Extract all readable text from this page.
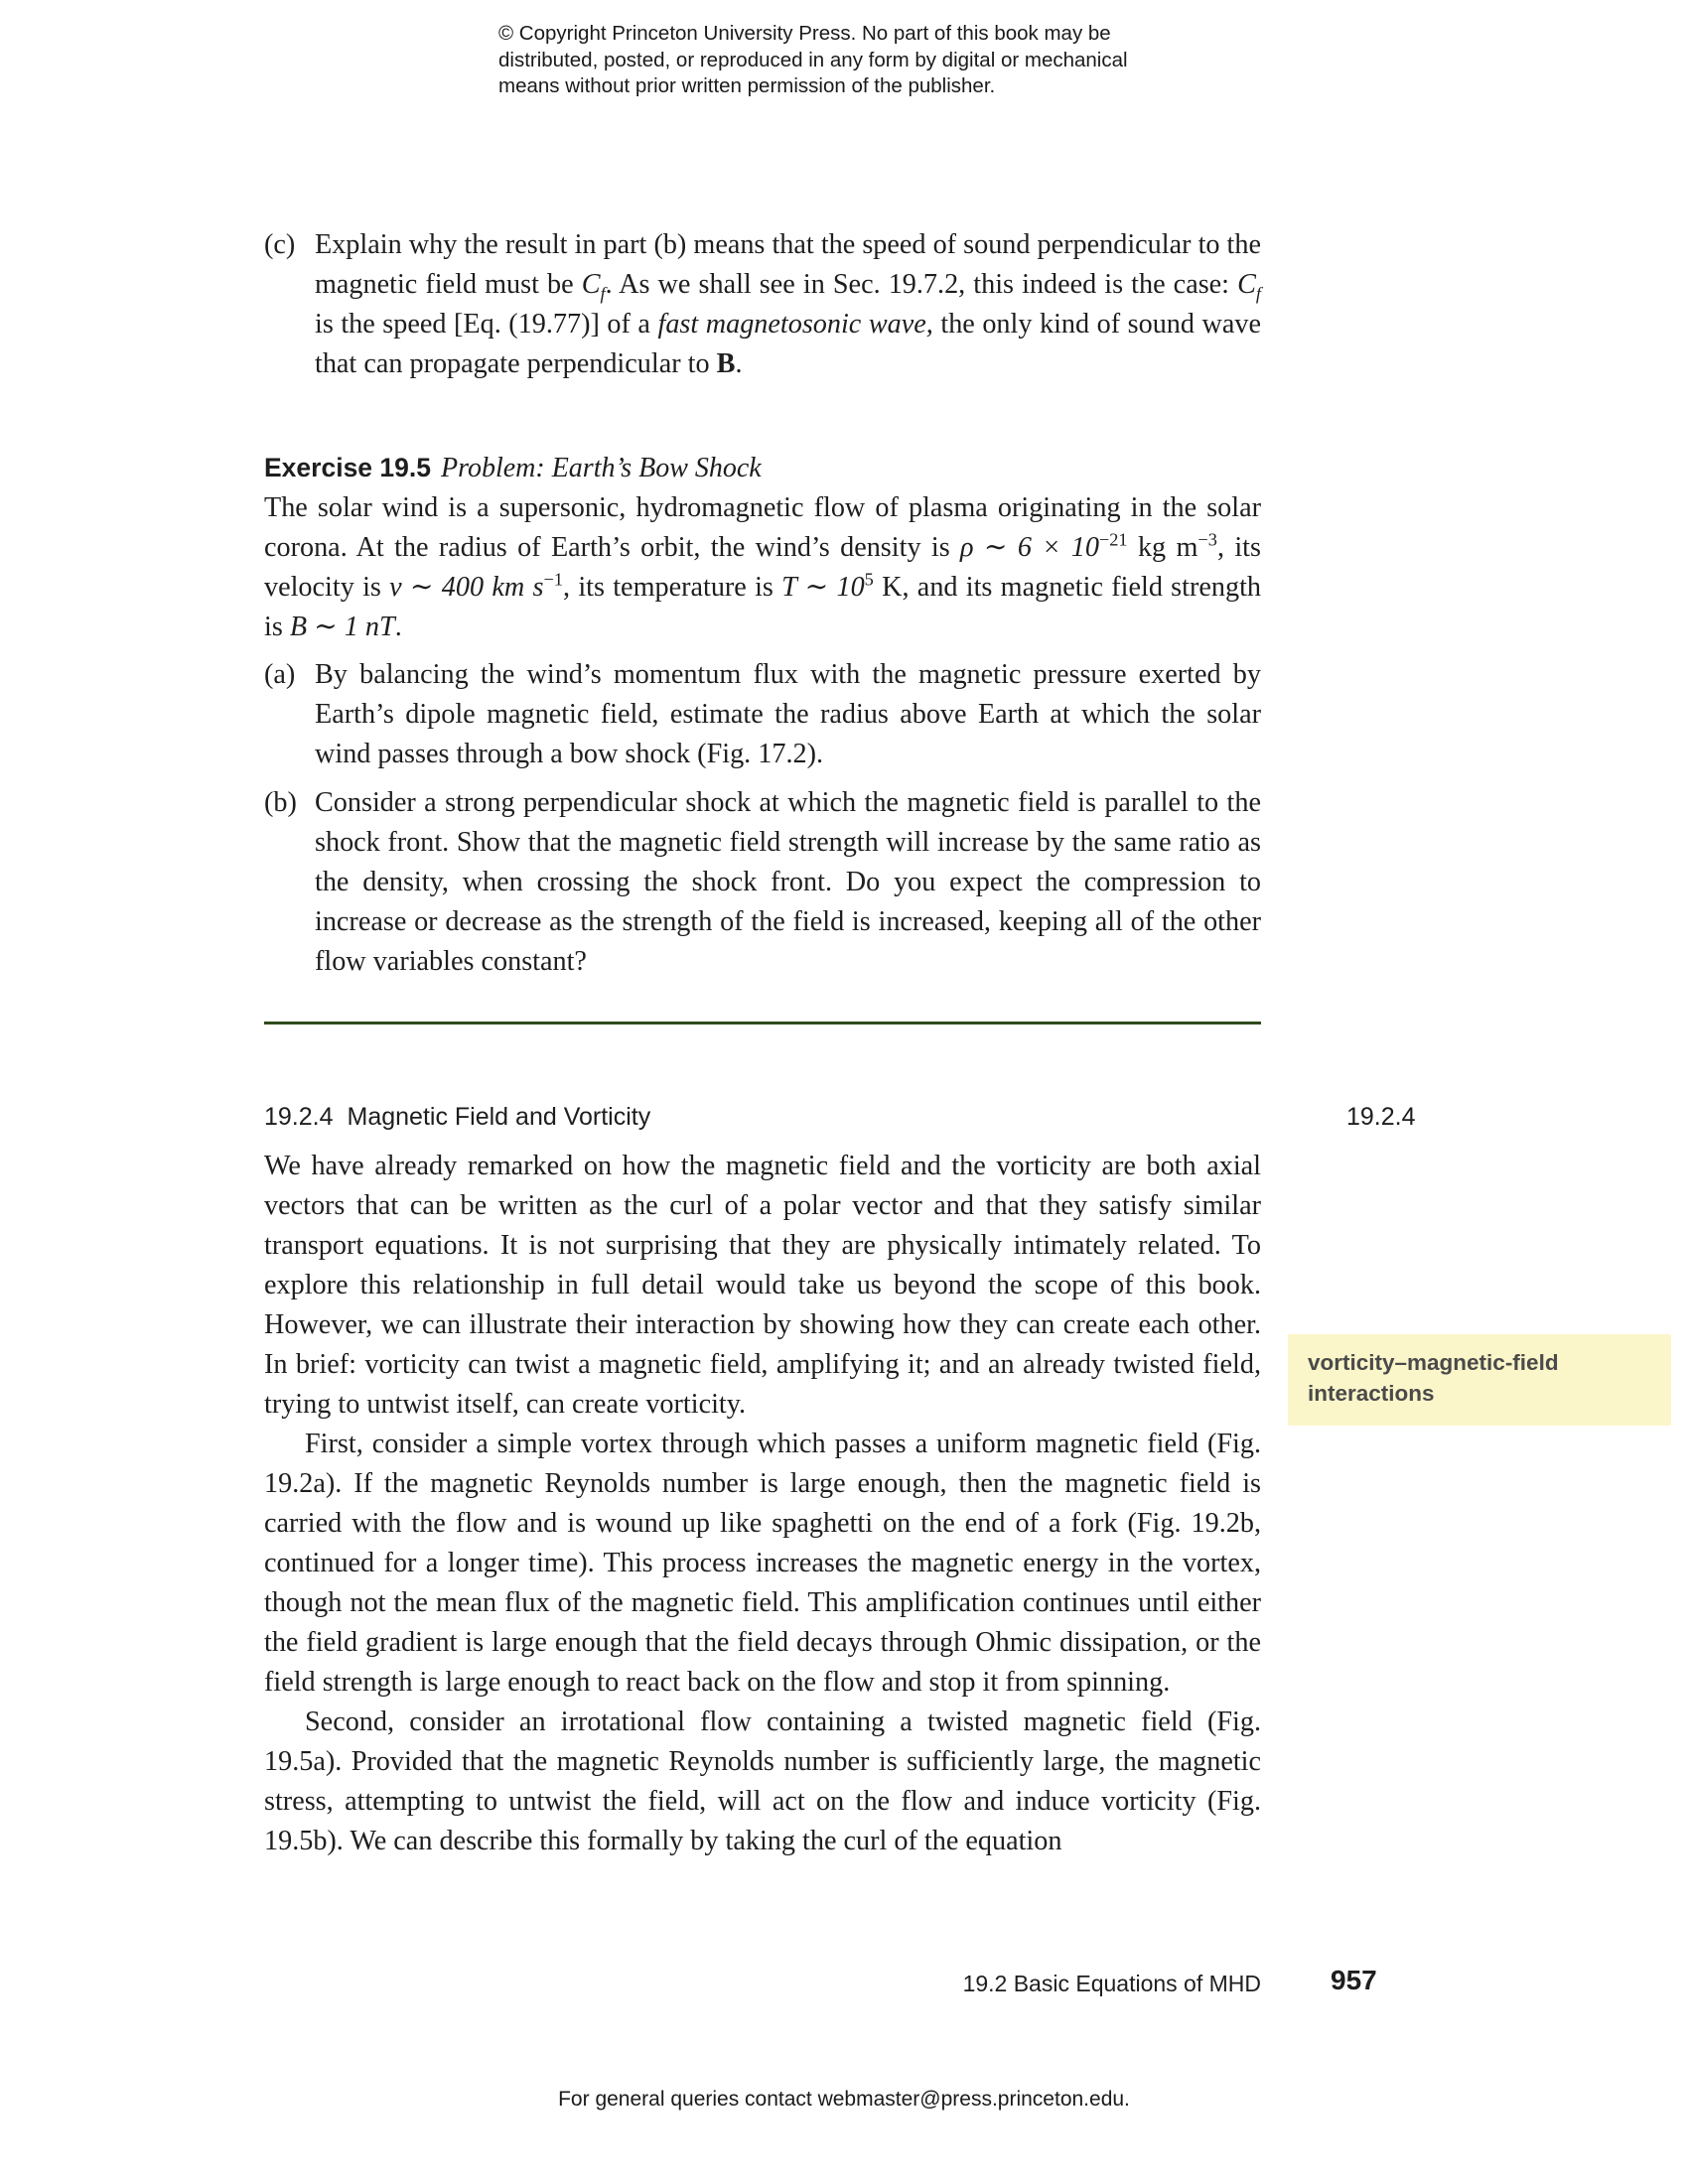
© Copyright Princeton University Press. No part of this book may be
distributed, posted, or reproduced in any form by digital or mechanical
means without prior written permission of the publisher.

(c) Explain why the result in part (b) means that the speed of sound perpendicular to the magnetic field must be $C_f$. As we shall see in Sec. 19.7.2, this indeed is the case: $C_f$ is the speed [Eq. (19.77)] of a fast magnetosonic wave, the only kind of sound wave that can propagate perpendicular to B.

Exercise 19.5 Problem: Earth’s Bow Shock

The solar wind is a supersonic, hydromagnetic flow of plasma originating in the solar corona. At the radius of Earth’s orbit, the wind’s density is ρ ∼ $6 \times 10^{-21}$ kg $m^{-3}$, its velocity is v ∼ 400 km $s^{-1}$, its temperature is T ∼ $10^5$ K, and its magnetic field strength is B ∼ 1 nT.

(a) By balancing the wind’s momentum flux with the magnetic pressure exerted by Earth’s dipole magnetic field, estimate the radius above Earth at which the solar wind passes through a bow shock (Fig. 17.2).

(b) Consider a strong perpendicular shock at which the magnetic field is parallel to the shock front. Show that the magnetic field strength will increase by the same ratio as the density, when crossing the shock front. Do you expect the compression to increase or decrease as the strength of the field is increased, keeping all of the other flow variables constant?

19.2.4 Magnetic Field and Vorticity	19.2.4
vorticity–magnetic-field interactions

We have already remarked on how the magnetic field and the vorticity are both axial vectors that can be written as the curl of a polar vector and that they satisfy similar transport equations. It is not surprising that they are physically intimately related. To explore this relationship in full detail would take us beyond the scope of this book. However, we can illustrate their interaction by showing how they can create each other. In brief: vorticity can twist a magnetic field, amplifying it; and an already twisted field, trying to untwist itself, can create vorticity.

First, consider a simple vortex through which passes a uniform magnetic field (Fig. 19.2a). If the magnetic Reynolds number is large enough, then the magnetic field is carried with the flow and is wound up like spaghetti on the end of a fork (Fig. 19.2b, continued for a longer time). This process increases the magnetic energy in the vortex, though not the mean flux of the magnetic field. This amplification continues until either the field gradient is large enough that the field decays through Ohmic dissipation, or the field strength is large enough to react back on the flow and stop it from spinning.

Second, consider an irrotational flow containing a twisted magnetic field (Fig. 19.5a). Provided that the magnetic Reynolds number is sufficiently large, the magnetic stress, attempting to untwist the field, will act on the flow and induce vorticity (Fig. 19.5b). We can describe this formally by taking the curl of the equation

19.2 Basic Equations of MHD	957
For general queries contact webmaster@press.princeton.edu.
